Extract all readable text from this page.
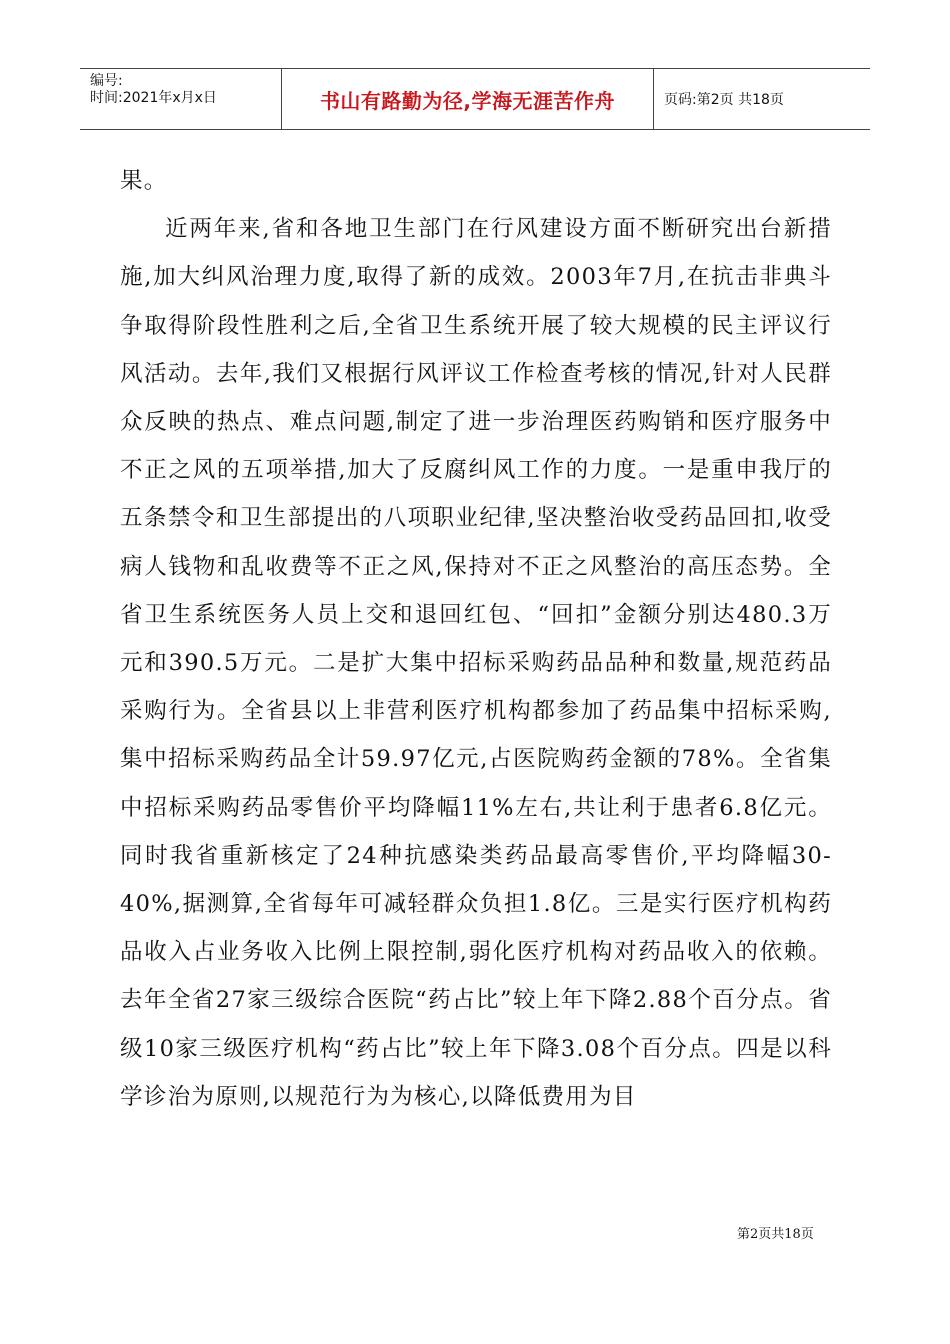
编号:
时间:2021年x月x日	书山有路勤为径,学海无涯苦作舟	页码:第2页 共18页

果。

近两年来,省和各地卫生部门在行风建设方面不断研究出台新措施,加大纠风治理力度,取得了新的成效。2003年7月,在抗击非典斗争取得阶段性胜利之后,全省卫生系统开展了较大规模的民主评议行风活动。去年,我们又根据行风评议工作检查考核的情况,针对人民群众反映的热点、难点问题,制定了进一步治理医药购销和医疗服务中不正之风的五项举措,加大了反腐纠风工作的力度。一是重申我厅的五条禁令和卫生部提出的八项职业纪律,坚决整治收受药品回扣,收受病人钱物和乱收费等不正之风,保持对不正之风整治的高压态势。全省卫生系统医务人员上交和退回红包、“回扣”金额分别达480.3万元和390.5万元。二是扩大集中招标采购药品品种和数量,规范药品采购行为。全省县以上非营利医疗机构都参加了药品集中招标采购,集中招标采购药品全计59.97亿元,占医院购药金额的78%。全省集中招标采购药品零售价平均降幅11%左右,共让利于患者6.8亿元。同时我省重新核定了24种抗感染类药品最高零售价,平均降幅30-40%,据测算,全省每年可减轻群众负担1.8亿。三是实行医疗机构药品收入占业务收入比例上限控制,弱化医疗机构对药品收入的依赖。去年全省27家三级综合医院“药占比”较上年下降2.88个百分点。省级10家三级医疗机构“药占比”较上年下降3.08个百分点。四是以科学诊治为原则,以规范行为为核心,以降低费用为目

第2页共18页
